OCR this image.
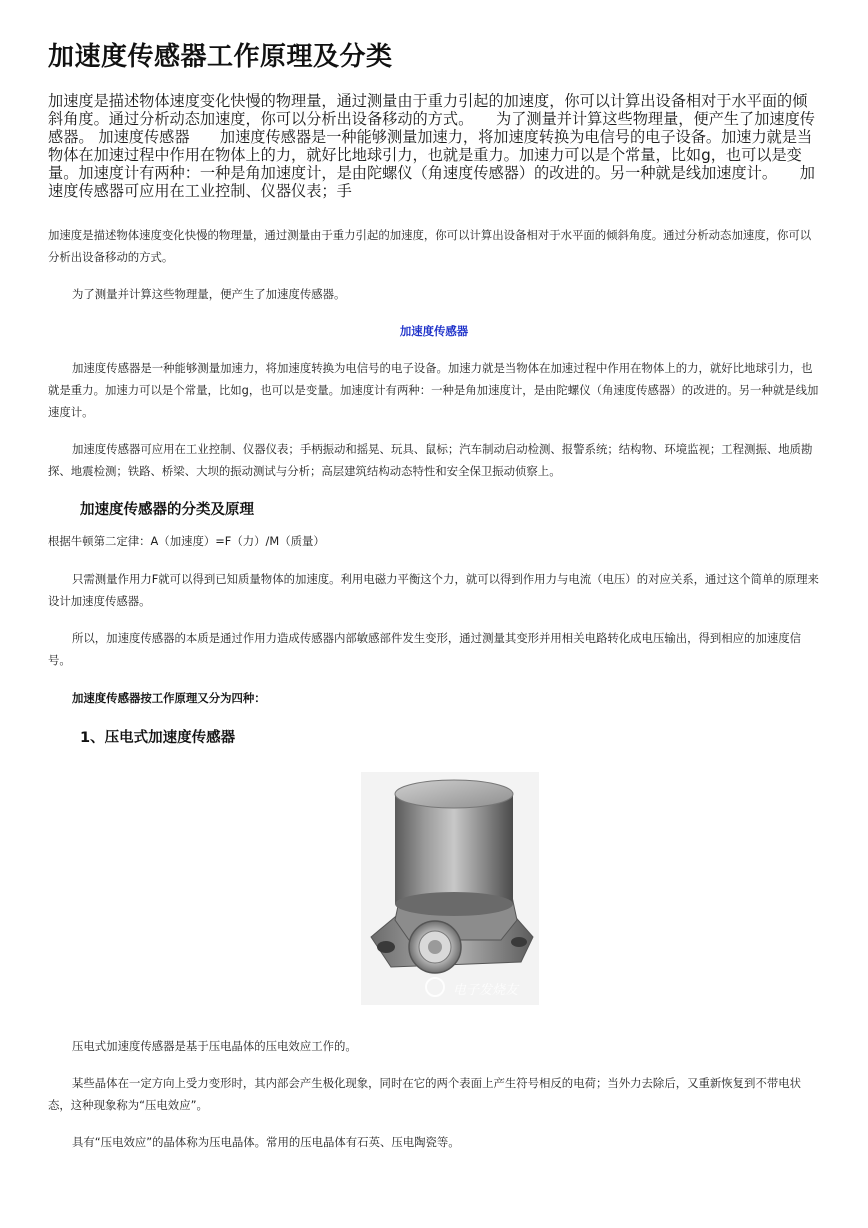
加速度传感器工作原理及分类

加速度是描述物体速度变化快慢的物理量，通过测量由于重力引起的加速度，你可以计算出设备相对于水平面的倾斜角度。通过分析动态加速度，你可以分析出设备移动的方式。　　为了测量并计算这些物理量，便产生了加速度传感器。 加速度传感器　　加速度传感器是一种能够测量加速力，将加速度转换为电信号的电子设备。加速力就是当物体在加速过程中作用在物体上的力，就好比地球引力，也就是重力。加速力可以是个常量，比如g，也可以是变量。加速度计有两种：一种是角加速度计，是由陀螺仪（角速度传感器）的改进的。另一种就是线加速度计。　　加速度传感器可应用在工业控制、仪器仪表；手

加速度是描述物体速度变化快慢的物理量，通过测量由于重力引起的加速度，你可以计算出设备相对于水平面的倾斜角度。通过分析动态加速度，你可以分析出设备移动的方式。

为了测量并计算这些物理量，便产生了加速度传感器。

加速度传感器

加速度传感器是一种能够测量加速力，将加速度转换为电信号的电子设备。加速力就是当物体在加速过程中作用在物体上的力，就好比地球引力，也就是重力。加速力可以是个常量，比如g，也可以是变量。加速度计有两种：一种是角加速度计，是由陀螺仪（角速度传感器）的改进的。另一种就是线加速度计。

加速度传感器可应用在工业控制、仪器仪表；手柄振动和摇晃、玩具、鼠标；汽车制动启动检测、报警系统；结构物、环境监视；工程测振、地质勘探、地震检测；铁路、桥梁、大坝的振动测试与分析；高层建筑结构动态特性和安全保卫振动侦察上。

加速度传感器的分类及原理

根据牛顿第二定律：A（加速度）=F（力）/M（质量）

只需测量作用力F就可以得到已知质量物体的加速度。利用电磁力平衡这个力，就可以得到作用力与电流（电压）的对应关系，通过这个简单的原理来设计加速度传感器。

所以，加速度传感器的本质是通过作用力造成传感器内部敏感部件发生变形，通过测量其变形并用相关电路转化成电压输出，得到相应的加速度信号。

加速度传感器按工作原理又分为四种：

1、压电式加速度传感器
电子发烧友

压电式加速度传感器是基于压电晶体的压电效应工作的。

某些晶体在一定方向上受力变形时，其内部会产生极化现象，同时在它的两个表面上产生符号相反的电荷；当外力去除后，又重新恢复到不带电状态，这种现象称为“压电效应”。

具有“压电效应”的晶体称为压电晶体。常用的压电晶体有石英、压电陶瓷等。
